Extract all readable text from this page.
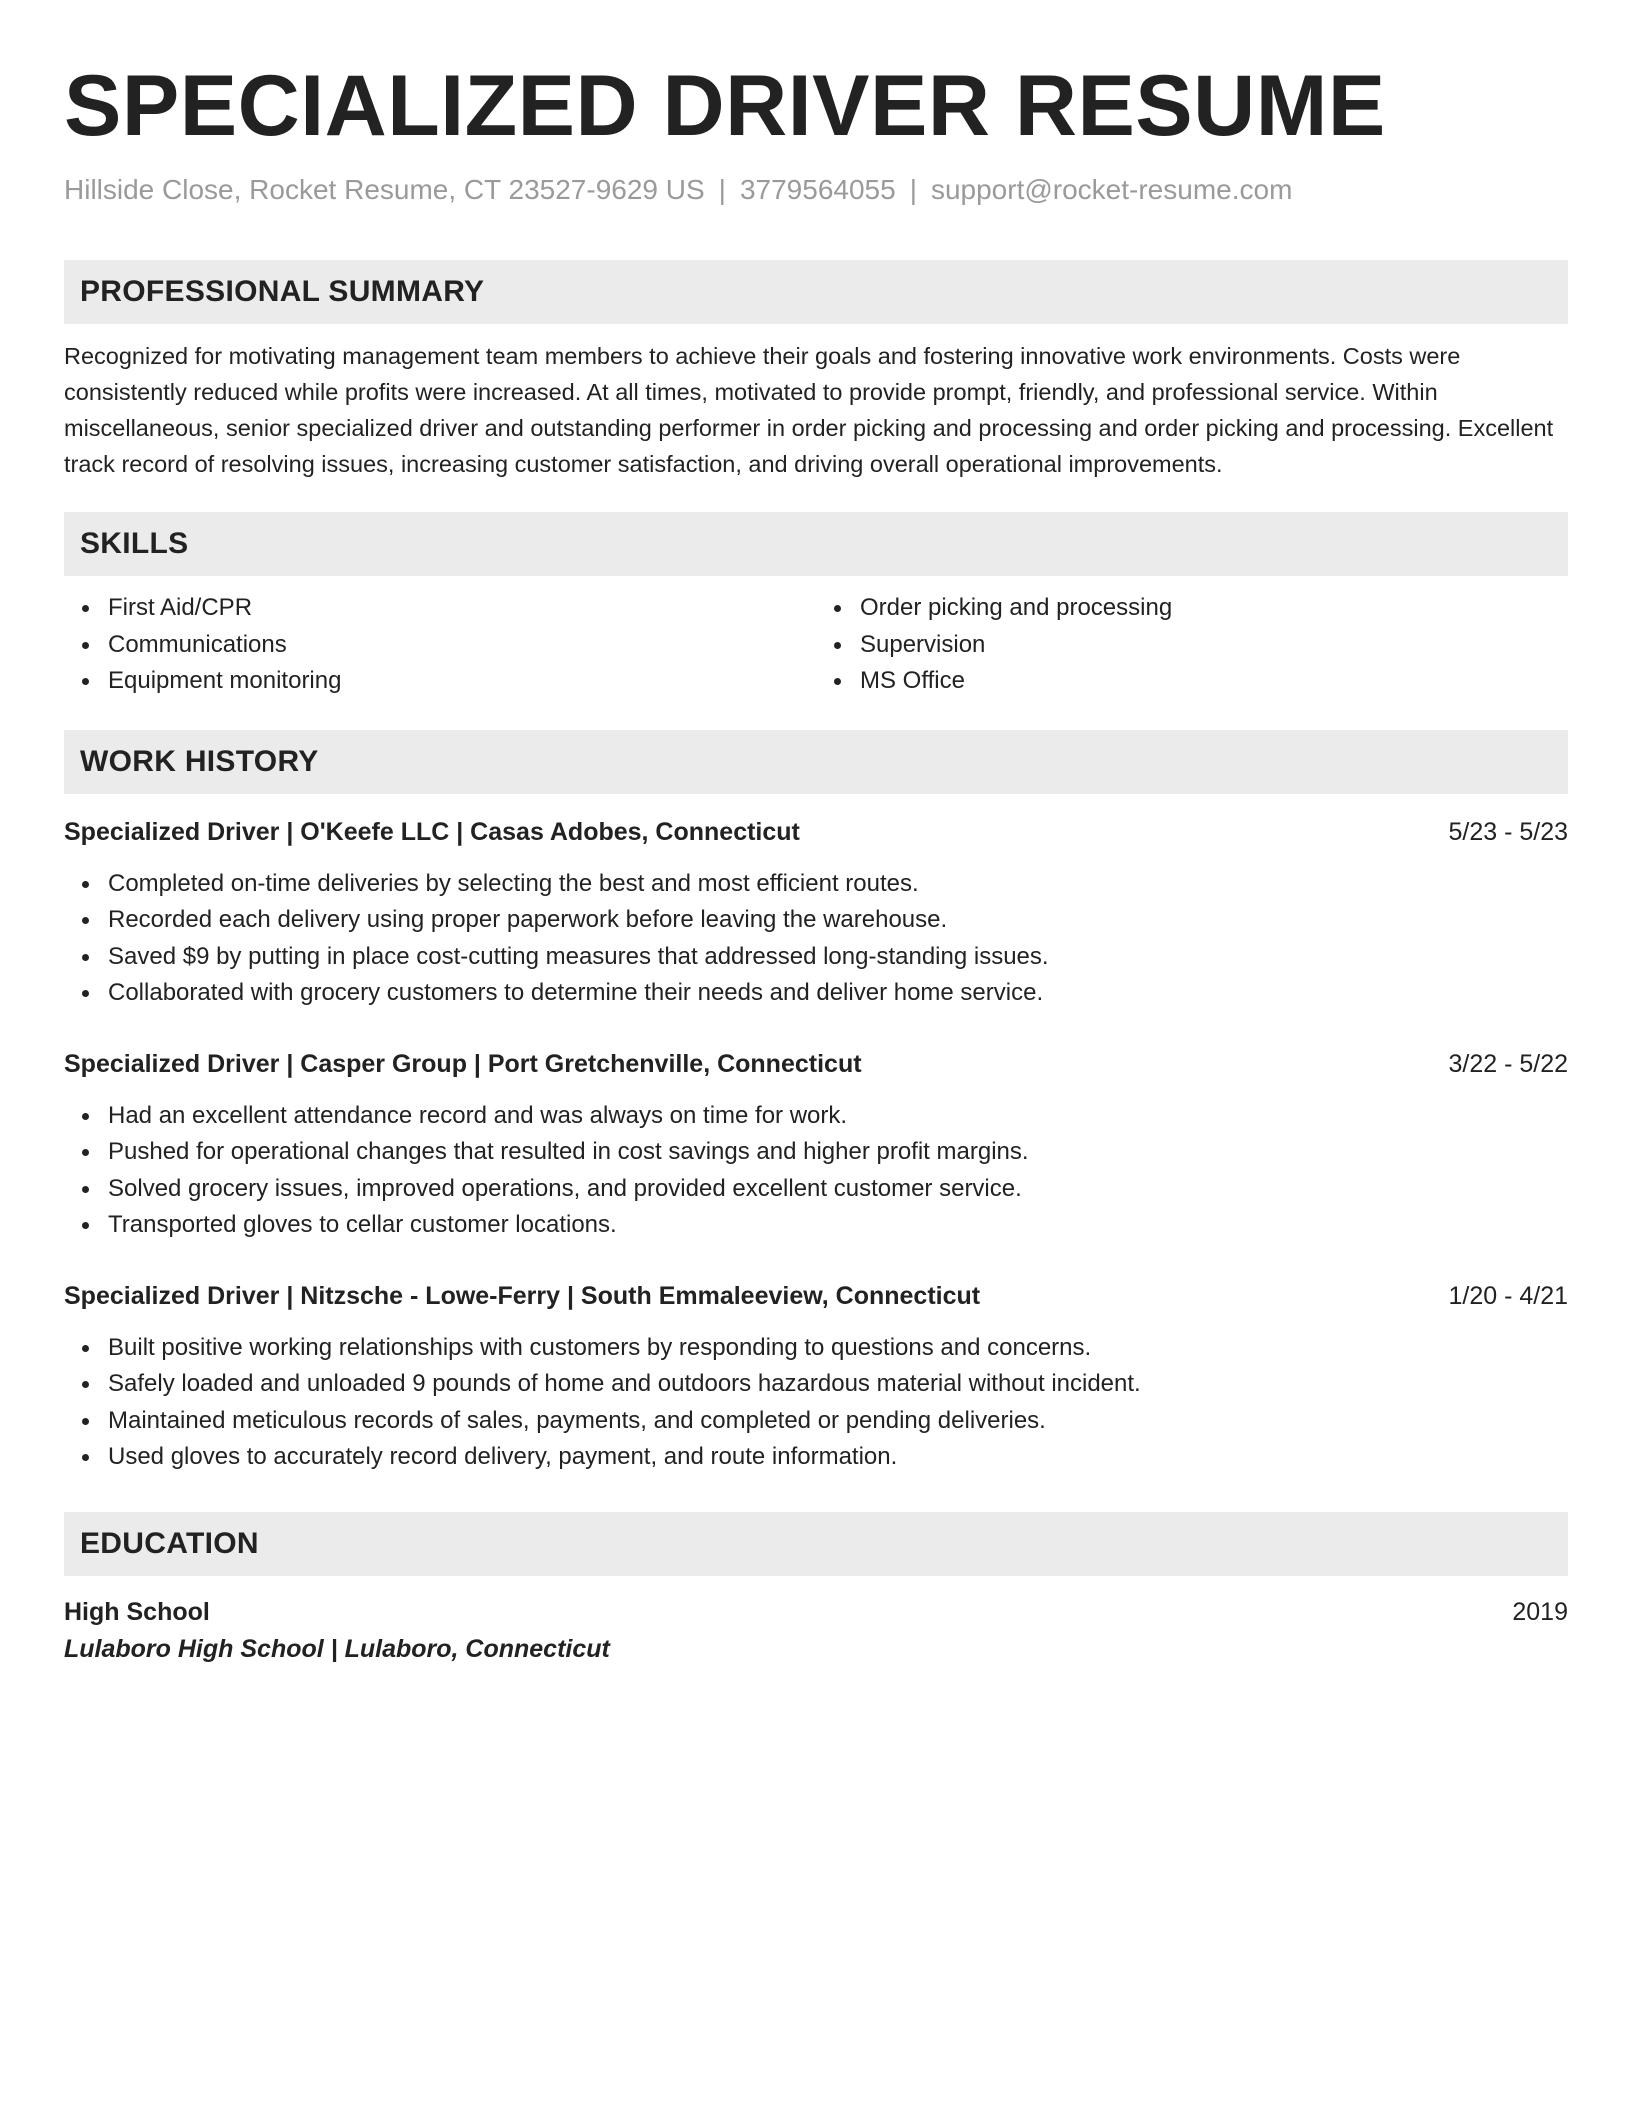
SPECIALIZED DRIVER RESUME
Hillside Close, Rocket Resume, CT 23527-9629 US | 3779564055 | support@rocket-resume.com
PROFESSIONAL SUMMARY

Recognized for motivating management team members to achieve their goals and fostering innovative work environments. Costs were consistently reduced while profits were increased. At all times, motivated to provide prompt, friendly, and professional service. Within miscellaneous, senior specialized driver and outstanding performer in order picking and processing and order picking and processing. Excellent track record of resolving issues, increasing customer satisfaction, and driving overall operational improvements.

SKILLS
First Aid/CPR
Communications
Equipment monitoring
Order picking and processing
Supervision
MS Office
WORK HISTORY
Specialized Driver | O'Keefe LLC | Casas Adobes, Connecticut	5/23 - 5/23
Completed on-time deliveries by selecting the best and most efficient routes.
Recorded each delivery using proper paperwork before leaving the warehouse.
Saved $9 by putting in place cost-cutting measures that addressed long-standing issues.
Collaborated with grocery customers to determine their needs and deliver home service.
Specialized Driver | Casper Group | Port Gretchenville, Connecticut	3/22 - 5/22
Had an excellent attendance record and was always on time for work.
Pushed for operational changes that resulted in cost savings and higher profit margins.
Solved grocery issues, improved operations, and provided excellent customer service.
Transported gloves to cellar customer locations.
Specialized Driver | Nitzsche - Lowe-Ferry | South Emmaleeview, Connecticut	1/20 - 4/21
Built positive working relationships with customers by responding to questions and concerns.
Safely loaded and unloaded 9 pounds of home and outdoors hazardous material without incident.
Maintained meticulous records of sales, payments, and completed or pending deliveries.
Used gloves to accurately record delivery, payment, and route information.
EDUCATION
High School	2019
Lulaboro High School | Lulaboro, Connecticut
